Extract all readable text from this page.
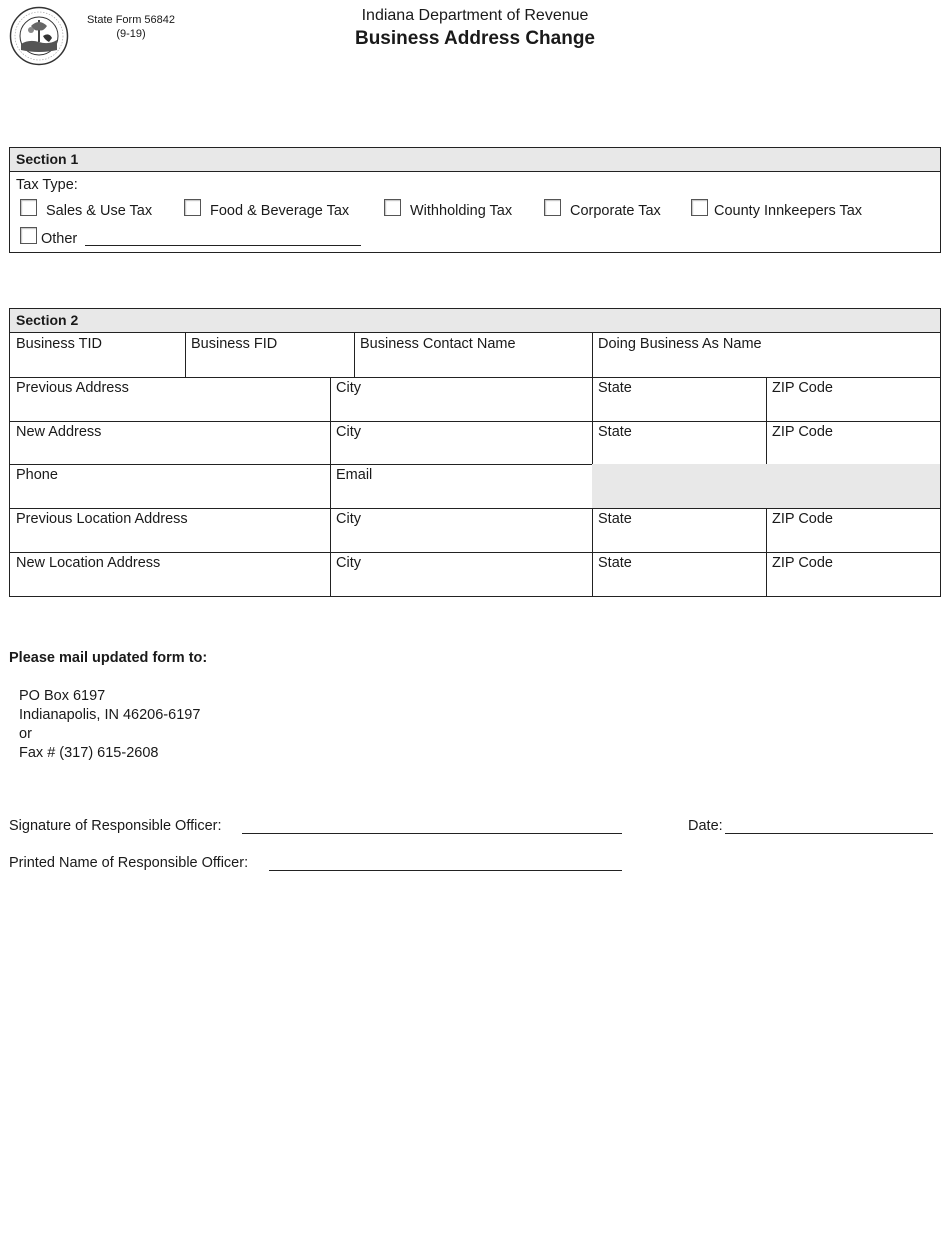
State Form 56842
(9-19)
Indiana Department of Revenue
Business Address Change
Section 1
Tax Type:
Sales & Use Tax	Food & Beverage Tax	Withholding Tax	Corporate Tax	County Innkeepers Tax
Other
Section 2
Business TID	Business FID	Business Contact Name	Doing Business As Name
Previous Address	City	State	ZIP Code
New Address	City	State	ZIP Code
Phone	Email
Previous Location Address	City	State	ZIP Code
New Location Address	City	State	ZIP Code
Please mail updated form to:
PO Box 6197
Indianapolis, IN 46206-6197
or
Fax # (317) 615-2608
Signature of Responsible Officer:	Date:
Printed Name of Responsible Officer:
